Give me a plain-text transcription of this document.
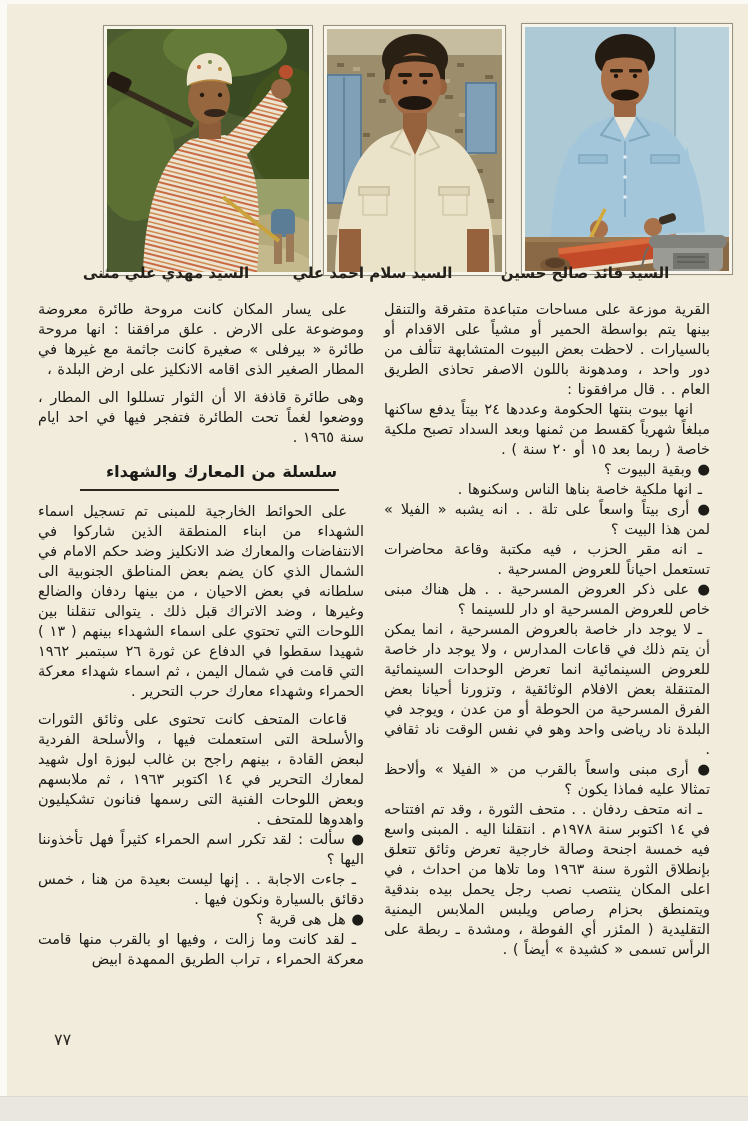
السيد مهدي علي مثنى	السيد سلام احمد علي	السيد قائد صالح حسين

القرية موزعة على مساحات متباعدة متفرقة والتنقل بينها يتم بواسطة الحمير أو مشياً على الاقدام أو بالسيارات . لاحظت بعض البيوت المتشابهة تتألف من دور واحد ، ومدهونة باللون الاصفر تحاذى الطريق العام . . قال مرافقونا :

انها بيوت بنتها الحكومة وعددها ٢٤ بيتاً يدفع ساكنها مبلغاً شهرياً كقسط من ثمنها وبعد السداد تصبح ملكية خاصة ( ربما بعد ١٥ أو ٢٠ سنة ) .

● وبقية البيوت ؟

ـ انها ملكية خاصة بناها الناس وسكنوها .

● أرى بيتاً واسعاً على تلة . . انه يشبه « الفيلا » لمن هذا البيت ؟

ـ انه مقر الحزب ، فيه مكتبة وقاعة محاضرات تستعمل احياناً للعروض المسرحية .

● على ذكر العروض المسرحية . . هل هناك مبنى خاص للعروض المسرحية او دار للسينما ؟

ـ لا يوجد دار خاصة بالعروض المسرحية ، انما يمكن أن يتم ذلك في قاعات المدارس ، ولا يوجد دار خاصة للعروض السينمائية انما تعرض الوحدات السينمائية المتنقلة بعض الافلام الوثائقية ، وتزورنا أحيانا بعض الفرق المسرحية من الحوطة أو من عدن ، ويوجد في البلدة ناد رياضى واحد وهو في نفس الوقت ناد ثقافي .

● أرى مبنى واسعاً بالقرب من « الفيلا » وألاحظ تمثالا عليه فماذا يكون ؟

ـ انه متحف ردفان . . متحف الثورة ، وقد تم افتتاحه في ١٤ اكتوبر سنة ١٩٧٨م . انتقلنا اليه . المبنى واسع فيه خمسة اجنحة وصالة خارجية تعرض وثائق تتعلق بإنطلاق الثورة سنة ١٩٦٣ وما تلاها من احداث ، في اعلى المكان ينتصب نصب رجل يحمل بيده بندقية ويتمنطق بحزام رصاص ويلبس الملابس اليمنية التقليدية ( المئزر أي الفوطة ، ومشدة ـ ربطة على الرأس تسمى « كشيدة » أيضاً ) .

على يسار المكان كانت مروحة طائرة معروضة وموضوعة على الارض . علق مرافقنا : انها مروحة طائرة « بيرفلى » صغيرة كانت جاثمة مع غيرها في المطار الصغير الذى اقامه الانكليز على ارض البلدة ،

وهى طائرة قاذفة الا أن الثوار تسللوا الى المطار ، ووضعوا لغماً تحت الطائرة فتفجر فيها في احد ايام سنة ١٩٦٥ .

سلسلة من المعارك والشهداء

على الحوائط الخارجية للمبنى تم تسجيل اسماء الشهداء من ابناء المنطقة الذين شاركوا في الانتفاضات والمعارك ضد الانكليز وضد حكم الامام في الشمال الذي كان يضم بعض المناطق الجنوبية الى سلطانه في بعض الاحيان ، من بينها ردفان والضالع وغيرها ، وضد الاتراك قبل ذلك . يتوالى تنقلنا بين اللوحات التي تحتوي على اسماء الشهداء بينهم ( ١٣ ) شهيدا سقطوا في الدفاع عن ثورة ٢٦ سبتمبر ١٩٦٢ التي قامت في شمال اليمن ، ثم اسماء شهداء معركة الحمراء وشهداء معارك حرب التحرير .

قاعات المتحف كانت تحتوى على وثائق الثورات والأسلحة التى استعملت فيها ، والأسلحة الفردية لبعض القادة ، بينهم راجح بن غالب لبوزة اول شهيد لمعارك التحرير في ١٤ اكتوبر ١٩٦٣ ، ثم ملابسهم وبعض اللوحات الفنية التى رسمها فنانون تشكيليون واهدوها للمتحف .

● سألت : لقد تكرر اسم الحمراء كثيراً فهل تأخذوننا اليها ؟

ـ جاءت الاجابة . . إنها ليست بعيدة من هنا ، خمس دقائق بالسيارة ونكون فيها .

● هل هى قرية ؟

ـ لقد كانت وما زالت ، وفيها او بالقرب منها قامت معركة الحمراء ، تراب الطريق الممهدة ابيض

٧٧
